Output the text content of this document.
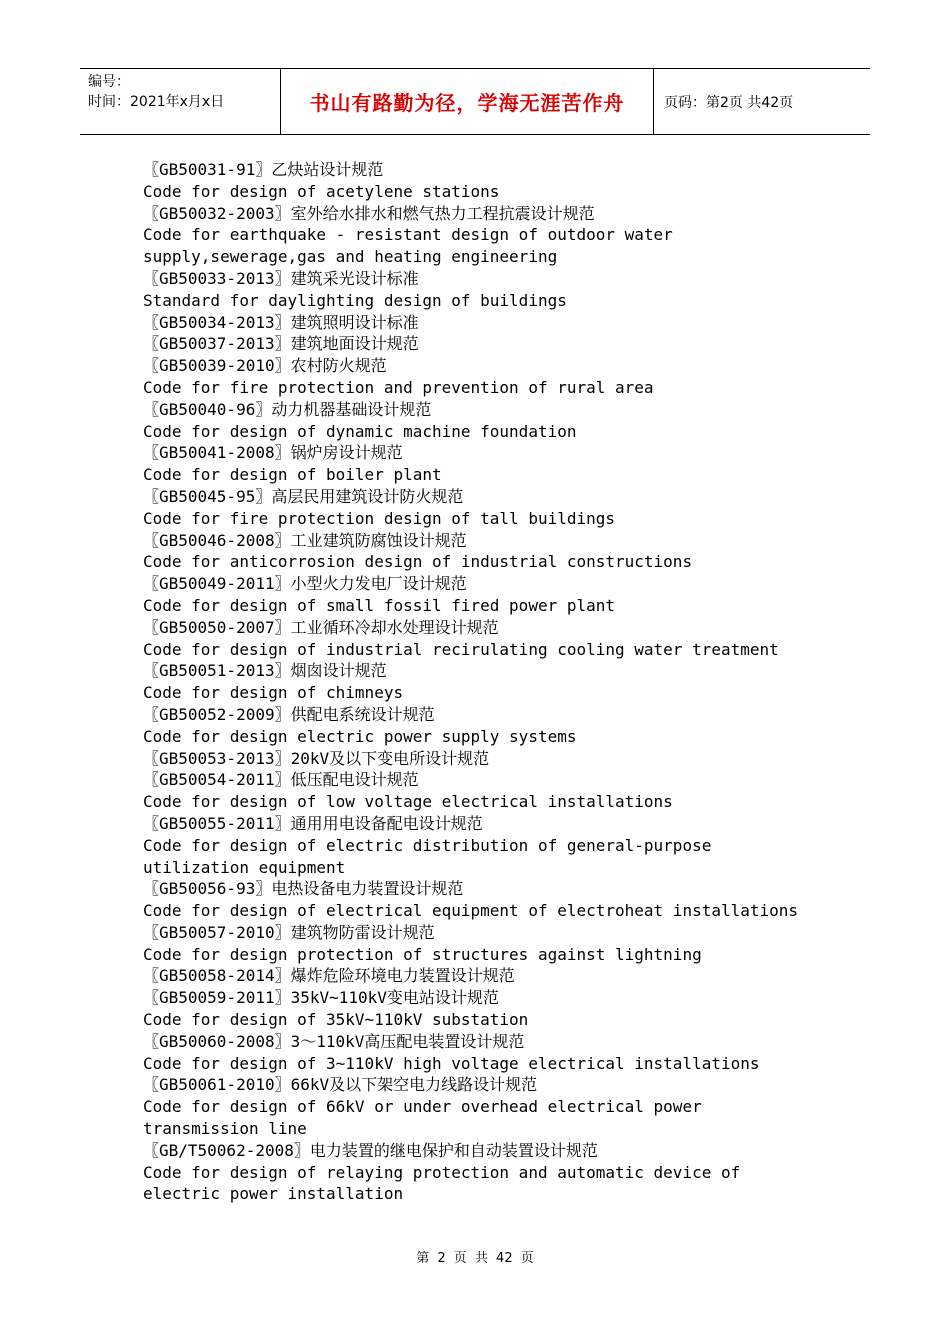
编号：
时间：2021年x月x日	书山有路勤为径，学海无涯苦作舟	页码：第2页 共42页
〖GB50031-91〗乙炔站设计规范
Code for design of acetylene stations
〖GB50032-2003〗室外给水排水和燃气热力工程抗震设计规范
Code for earthquake - resistant design of outdoor water
supply,sewerage,gas and heating engineering
〖GB50033-2013〗建筑采光设计标准
Standard for daylighting design of buildings
〖GB50034-2013〗建筑照明设计标准
〖GB50037-2013〗建筑地面设计规范
〖GB50039-2010〗农村防火规范
Code for fire protection and prevention of rural area
〖GB50040-96〗动力机器基础设计规范
Code for design of dynamic machine foundation
〖GB50041-2008〗锅炉房设计规范
Code for design of boiler plant
〖GB50045-95〗高层民用建筑设计防火规范
Code for fire protection design of tall buildings
〖GB50046-2008〗工业建筑防腐蚀设计规范
Code for anticorrosion design of industrial constructions
〖GB50049-2011〗小型火力发电厂设计规范
Code for design of small fossil fired power plant
〖GB50050-2007〗工业循环冷却水处理设计规范
Code for design of industrial recirulating cooling water treatment
〖GB50051-2013〗烟囱设计规范
Code for design of chimneys
〖GB50052-2009〗供配电系统设计规范
Code for design electric power supply systems
〖GB50053-2013〗20kV及以下变电所设计规范
〖GB50054-2011〗低压配电设计规范
Code for design of low voltage electrical installations
〖GB50055-2011〗通用用电设备配电设计规范
Code for design of electric distribution of general-purpose
utilization equipment
〖GB50056-93〗电热设备电力装置设计规范
Code for design of electrical equipment of electroheat installations
〖GB50057-2010〗建筑物防雷设计规范
Code for design protection of structures against lightning
〖GB50058-2014〗爆炸危险环境电力装置设计规范
〖GB50059-2011〗35kV~110kV变电站设计规范
Code for design of 35kV~110kV substation
〖GB50060-2008〗3～110kV高压配电装置设计规范
Code for design of 3~110kV high voltage electrical installations
〖GB50061-2010〗66kV及以下架空电力线路设计规范
Code for design of 66kV or under overhead electrical power
transmission line
〖GB/T50062-2008〗电力装置的继电保护和自动装置设计规范
Code for design of relaying protection and automatic device of
electric power installation
第 2 页 共 42 页
